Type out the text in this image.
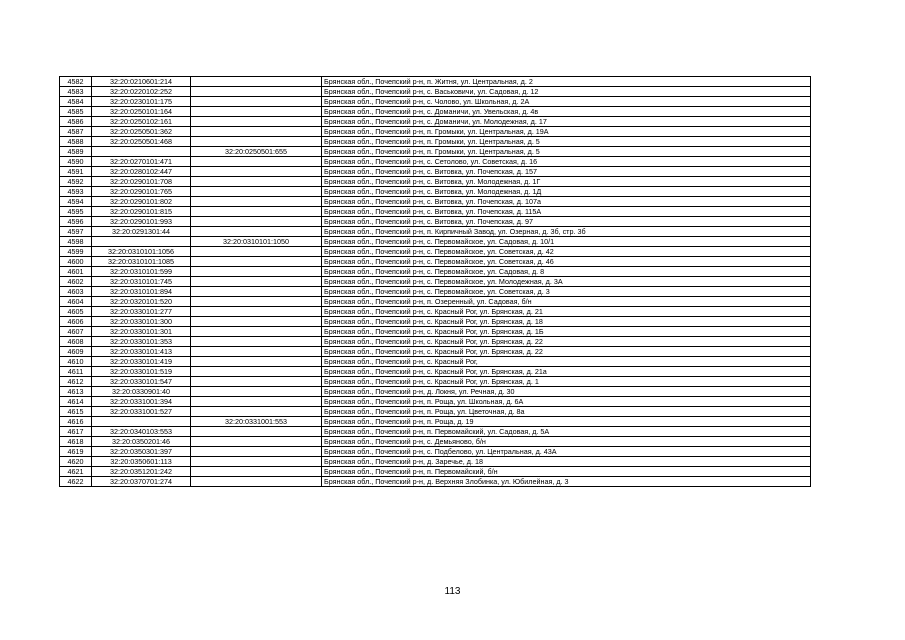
4582	32:20:0210601:214		Брянская обл., Почепский р-н, п. Житня, ул. Центральная, д. 2
4583	32:20:0220102:252		Брянская обл., Почепский р-н, с. Васьковичи, ул. Садовая, д. 12
4584	32:20:0230101:175		Брянская обл., Почепский р-н, с. Чолово, ул. Школьная, д. 2А
4585	32:20:0250101:164		Брянская обл., Почепский р-н, с. Доманичи, ул. Увельская, д. 4в
4586	32:20:0250102:161		Брянская обл., Почепский р-н, с. Доманичи, ул. Молодежная, д. 17
4587	32:20:0250501:362		Брянская обл., Почепский р-н, п. Громыки, ул. Центральная, д. 19А
4588	32:20:0250501:468		Брянская обл., Почепский р-н, п. Громыки, ул. Центральная, д. 5
4589		32:20:0250501:655	Брянская обл., Почепский р-н, п. Громыки, ул. Центральная, д. 5
4590	32:20:0270101:471		Брянская обл., Почепский р-н, с. Сетолово, ул. Советская, д. 16
4591	32:20:0280102:447		Брянская обл., Почепский р-н, с. Витовка, ул. Почепская, д. 157
4592	32:20:0290101:708		Брянская обл., Почепский р-н, с. Витовка, ул. Молодежная, д. 1Г
4593	32:20:0290101:765		Брянская обл., Почепский р-н, с. Витовка, ул. Молодежная, д. 1Д
4594	32:20:0290101:802		Брянская обл., Почепский р-н, с. Витовка, ул. Почепская, д. 107а
4595	32:20:0290101:815		Брянская обл., Почепский р-н, с. Витовка, ул. Почепская, д. 115А
4596	32:20:0290101:993		Брянская обл., Почепский р-н, с. Витовка, ул. Почепская, д. 97
4597	32:20:0291301:44		Брянская обл., Почепский р-н, п. Кирпичный Завод, ул. Озерная, д. 3б, стр. 3б
4598		32:20:0310101:1050	Брянская обл., Почепский р-н, с. Первомайское, ул. Садовая, д. 10/1
4599	32:20:0310101:1056		Брянская обл., Почепский р-н, с. Первомайское, ул. Советская, д. 42
4600	32:20:0310101:1085		Брянская обл., Почепский р-н, с. Первомайское, ул. Советская, д. 46
4601	32:20:0310101:599		Брянская обл., Почепский р-н, с. Первомайское, ул. Садовая, д. 8
4602	32:20:0310101:745		Брянская обл., Почепский р-н, с. Первомайское, ул. Молодежная, д. 3А
4603	32:20:0310101:894		Брянская обл., Почепский р-н, с. Первомайское, ул. Советская, д. 3
4604	32:20:0320101:520		Брянская обл., Почепский р-н, п. Озеренный, ул. Садовая, б/н
4605	32:20:0330101:277		Брянская обл., Почепский р-н, с. Красный Рог, ул. Брянская, д. 21
4606	32:20:0330101:300		Брянская обл., Почепский р-н, с. Красный Рог, ул. Брянская, д. 18
4607	32:20:0330101:301		Брянская обл., Почепский р-н, с. Красный Рог, ул. Брянская, д. 1Б
4608	32:20:0330101:353		Брянская обл., Почепский р-н, с. Красный Рог, ул. Брянская, д. 22
4609	32:20:0330101:413		Брянская обл., Почепский р-н, с. Красный Рог, ул. Брянская, д. 22
4610	32:20:0330101:419		Брянская обл., Почепский р-н, с. Красный Рог,
4611	32:20:0330101:519		Брянская обл., Почепский р-н, с. Красный Рог, ул. Брянская, д. 21а
4612	32:20:0330101:547		Брянская обл., Почепский р-н, с. Красный Рог, ул. Брянская, д. 1
4613	32:20:0330901:40		Брянская обл., Почепский р-н, д. Локня, ул. Речная, д. 30
4614	32:20:0331001:394		Брянская обл., Почепский р-н, п. Роща, ул. Школьная, д. 6А
4615	32:20:0331001:527		Брянская обл., Почепский р-н, п. Роща, ул. Цветочная, д. 8а
4616		32:20:0331001:553	Брянская обл., Почепский р-н, п. Роща, д. 19
4617	32:20:0340103:553		Брянская обл., Почепский р-н, п. Первомайский, ул. Садовая, д. 5А
4618	32:20:0350201:46		Брянская обл., Почепский р-н, с. Демьяново, б/н
4619	32:20:0350301:397		Брянская обл., Почепский р-н, с. Подбелово, ул. Центральная, д. 43А
4620	32:20:0350601:113		Брянская обл., Почепский р-н, д. Заречье, д. 18
4621	32:20:0351201:242		Брянская обл., Почепский р-н, п. Первомайский, б/н
4622	32:20:0370701:274		Брянская обл., Почепский р-н, д. Верхняя Злобинка, ул. Юбилейная, д. 3
113
